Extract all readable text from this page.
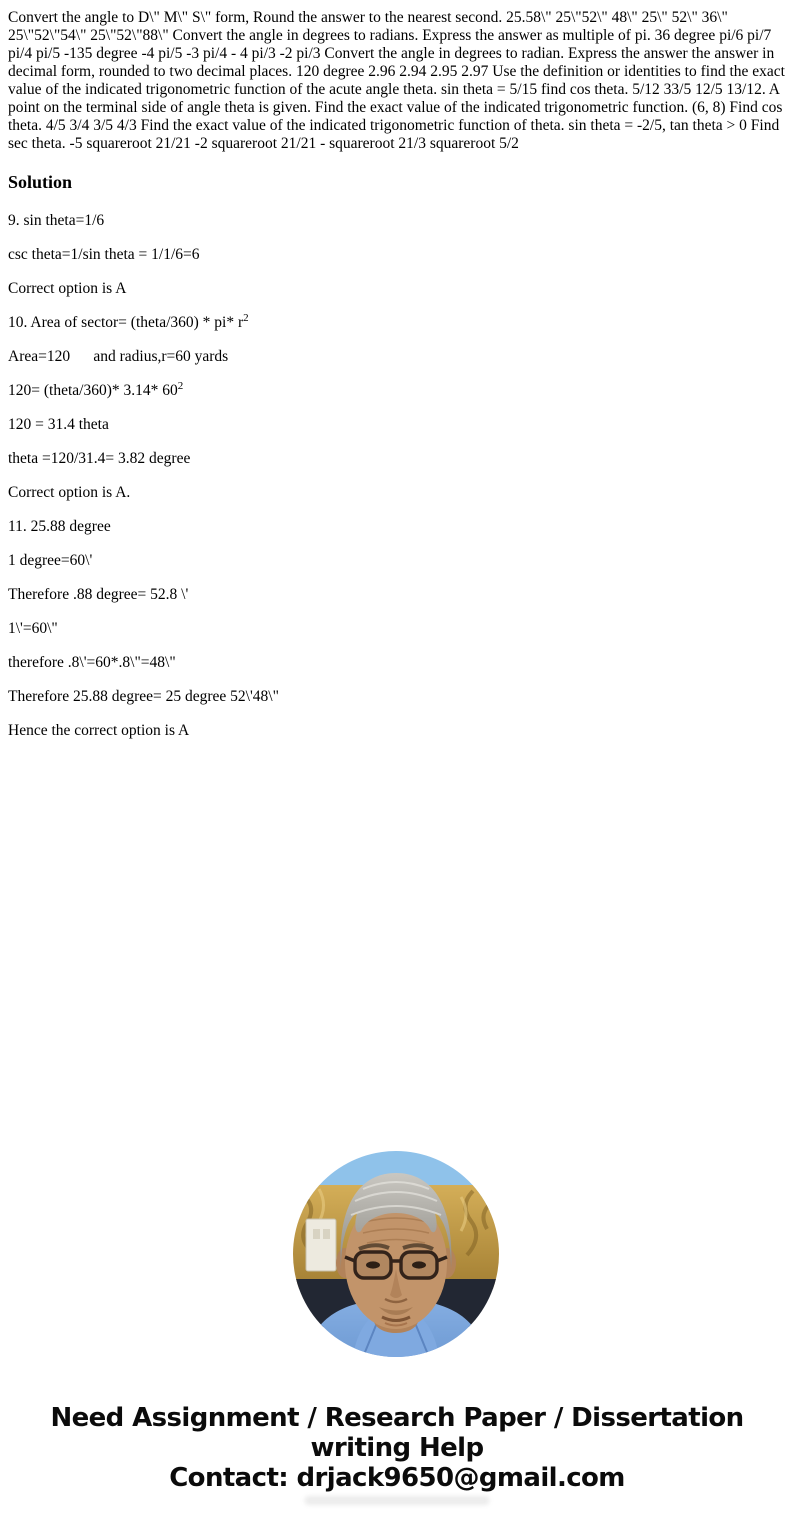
Convert the angle to D\" M\" S\" form, Round the answer to the nearest second. 25.58\" 25\"52\" 48\" 25\" 52\" 36\" 25\"52\"54\" 25\"52\"88\" Convert the angle in degrees to radians. Express the answer as multiple of pi. 36 degree pi/6 pi/7 pi/4 pi/5 -135 degree -4 pi/5 -3 pi/4 - 4 pi/3 -2 pi/3 Convert the angle in degrees to radian. Express the answer the answer in decimal form, rounded to two decimal places. 120 degree 2.96 2.94 2.95 2.97 Use the definition or identities to find the exact value of the indicated trigonometric function of the acute angle theta. sin theta = 5/15 find cos theta. 5/12 33/5 12/5 13/12. A point on the terminal side of angle theta is given. Find the exact value of the indicated trigonometric function. (6, 8) Find cos theta. 4/5 3/4 3/5 4/3 Find the exact value of the indicated trigonometric function of theta. sin theta = -2/5, tan theta > 0 Find sec theta. -5 squareroot 21/21 -2 squareroot 21/21 - squareroot 21/3 squareroot 5/2
Solution

9. sin theta=1/6

csc theta=1/sin theta = 1/1/6=6

Correct option is A

10. Area of sector= (theta/360) * pi* $r^2$

Area=120      and radius,r=60 yards

120= (theta/360)* 3.14* $60^2$

120 = 31.4 theta

theta =120/31.4= 3.82 degree

Correct option is A.

11. 25.88 degree

1 degree=60\'

Therefore .88 degree= 52.8 \'

1\'=60\"

therefore .8\'=60*.8\"=48\"

Therefore 25.88 degree= 25 degree 52\'48\"

Hence the correct option is A

Need Assignment / Research Paper / Dissertation
writing Help
Contact: drjack9650@gmail.com
